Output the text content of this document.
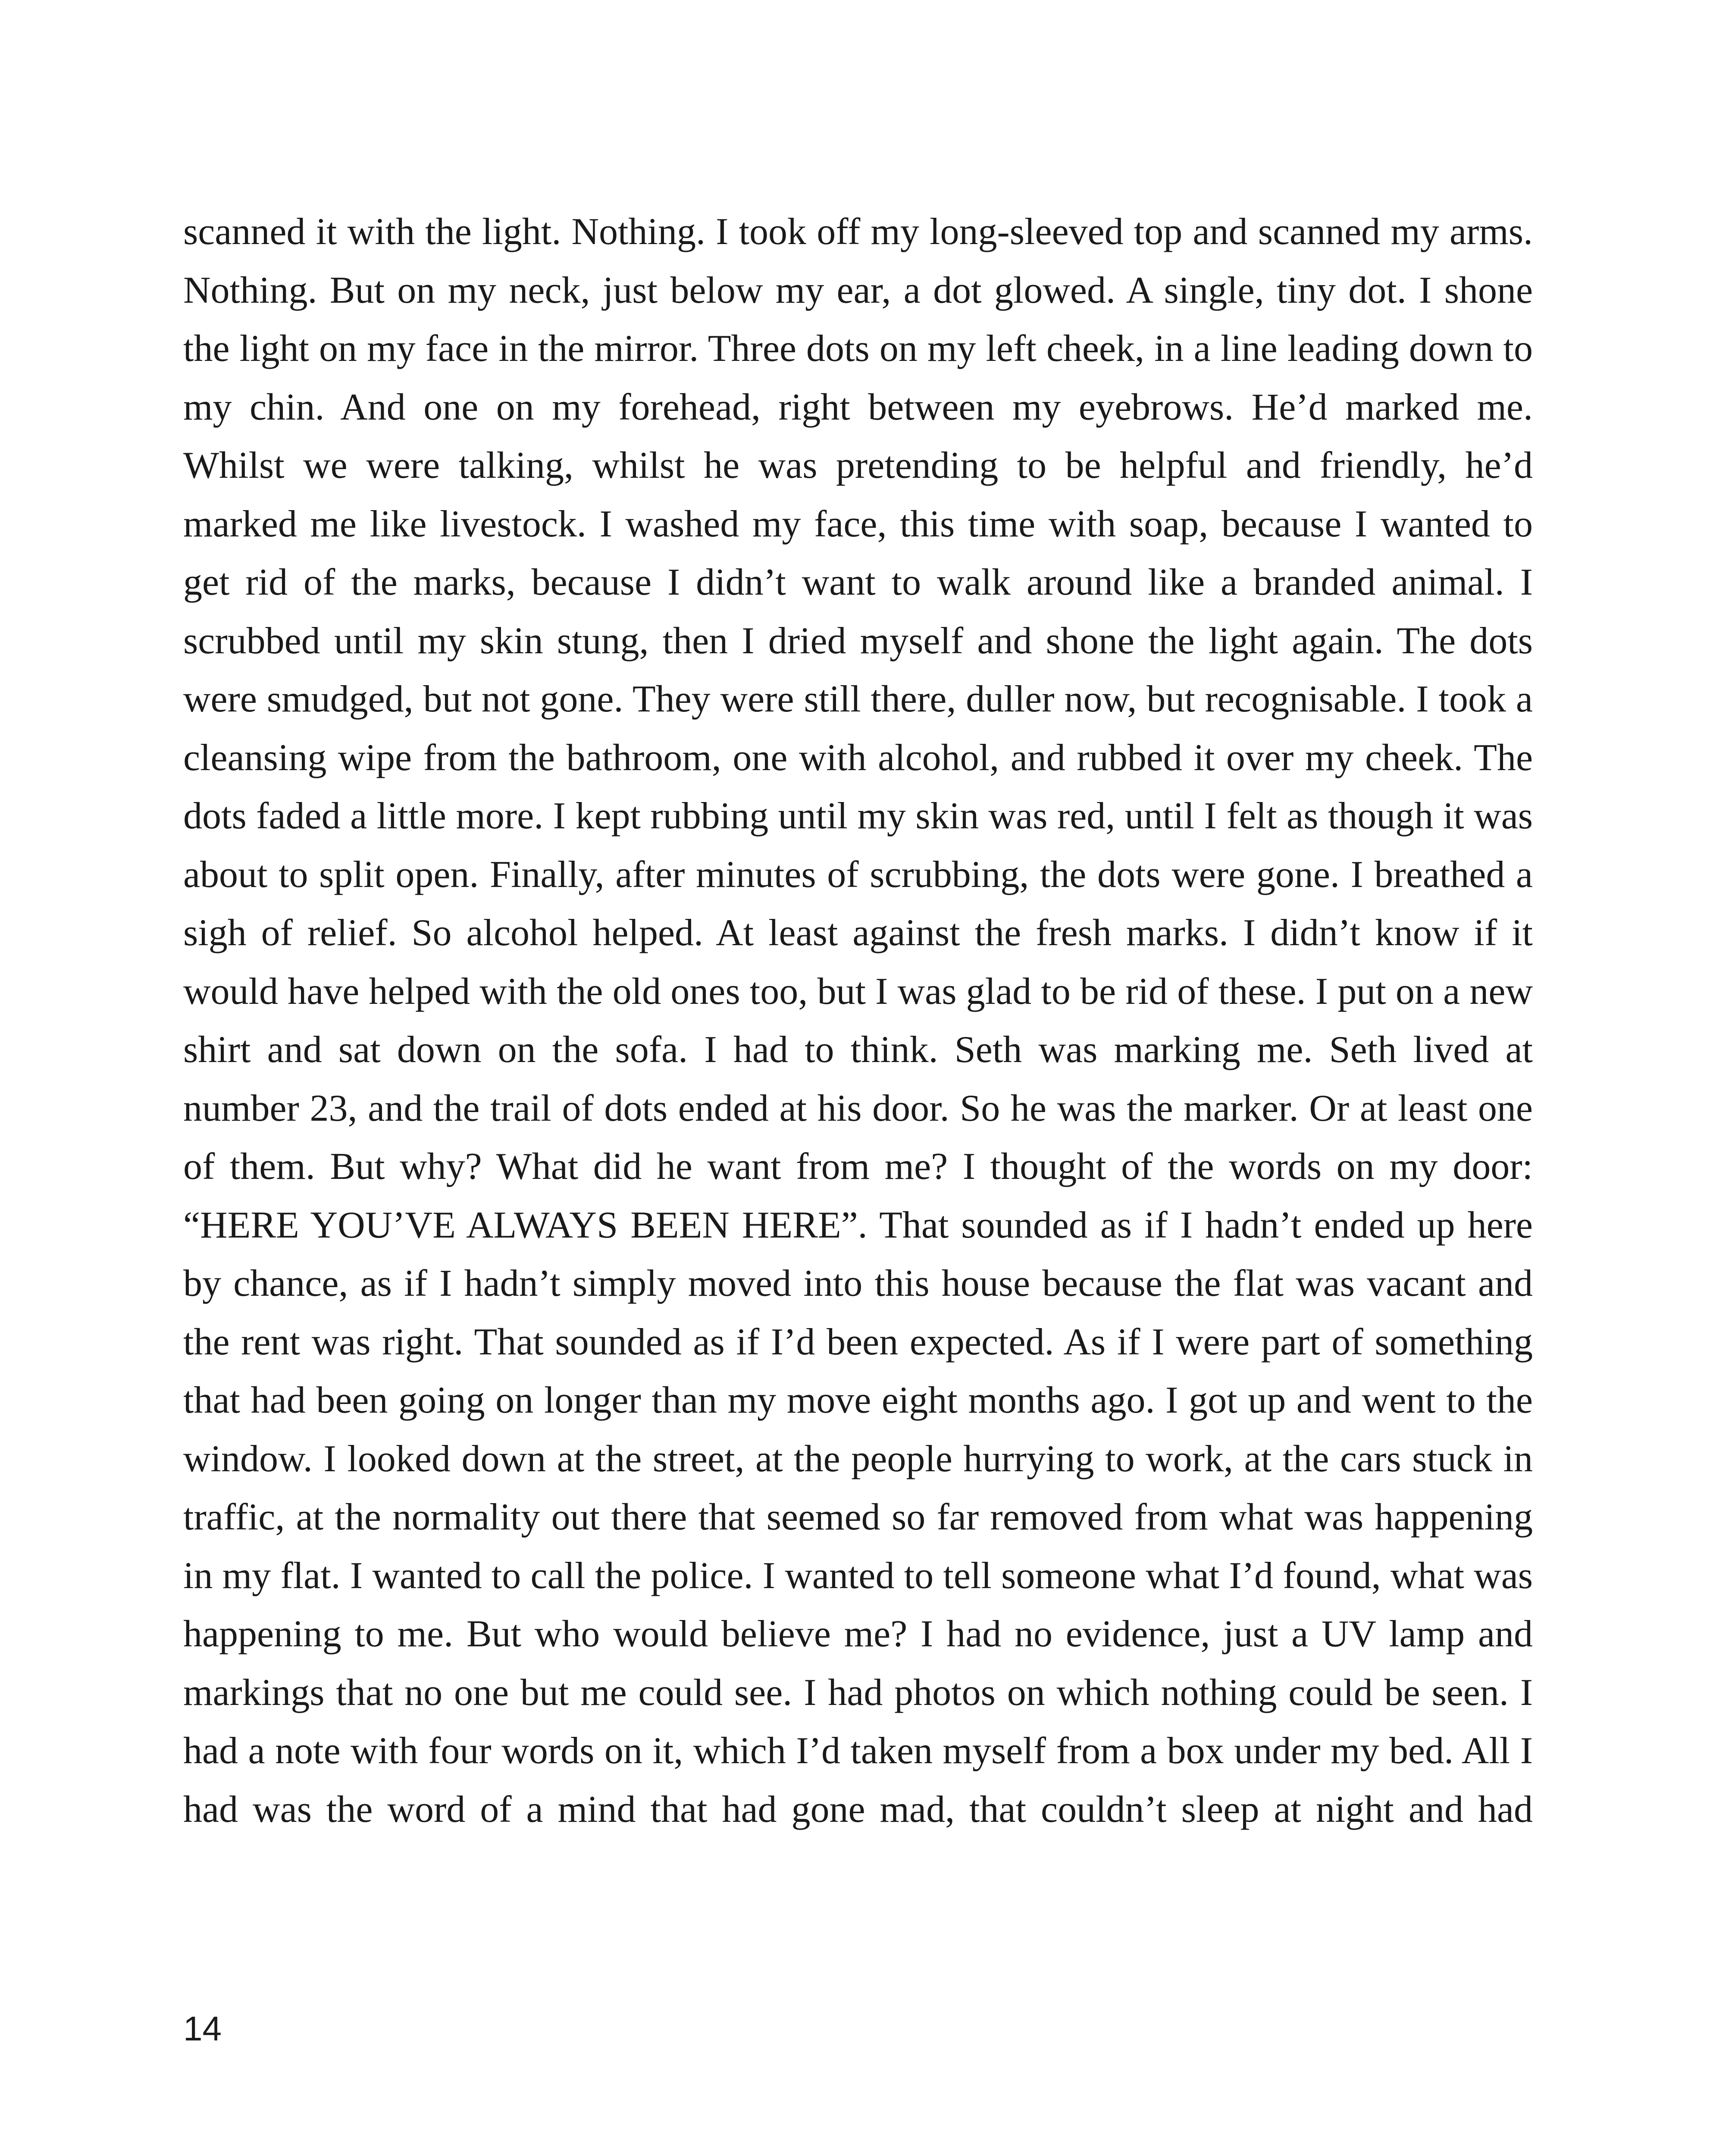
scanned it with the light. Nothing. I took off my long-sleeved top and scanned my arms. Nothing. But on my neck, just below my ear, a dot glowed. A single, tiny dot. I shone the light on my face in the mirror. Three dots on my left cheek, in a line leading down to my chin. And one on my forehead, right between my eyebrows. He’d marked me. Whilst we were talking, whilst he was pretending to be helpful and friendly, he’d marked me like livestock. I washed my face, this time with soap, because I wanted to get rid of the marks, because I didn’t want to walk around like a branded animal. I scrubbed until my skin stung, then I dried myself and shone the light again. The dots were smudged, but not gone. They were still there, duller now, but recognisable. I took a cleansing wipe from the bathroom, one with alcohol, and rubbed it over my cheek. The dots faded a little more. I kept rubbing until my skin was red, until I felt as though it was about to split open. Finally, after minutes of scrubbing, the dots were gone. I breathed a sigh of relief. So alcohol helped. At least against the fresh marks. I didn’t know if it would have helped with the old ones too, but I was glad to be rid of these. I put on a new shirt and sat down on the sofa. I had to think. Seth was marking me. Seth lived at number 23, and the trail of dots ended at his door. So he was the marker. Or at least one of them. But why? What did he want from me? I thought of the words on my door: “HERE YOU’VE ALWAYS BEEN HERE”. That sounded as if I hadn’t ended up here by chance, as if I hadn’t simply moved into this house because the flat was vacant and the rent was right. That sounded as if I’d been expected. As if I were part of something that had been going on longer than my move eight months ago. I got up and went to the window. I looked down at the street, at the people hurrying to work, at the cars stuck in traffic, at the normality out there that seemed so far removed from what was happening in my flat. I wanted to call the police. I wanted to tell someone what I’d found, what was happening to me. But who would believe me? I had no evidence, just a UV lamp and markings that no one but me could see. I had photos on which nothing could be seen. I had a note with four words on it, which I’d taken myself from a box under my bed. All I had was the word of a mind that had gone mad, that couldn’t sleep at night and had

14
